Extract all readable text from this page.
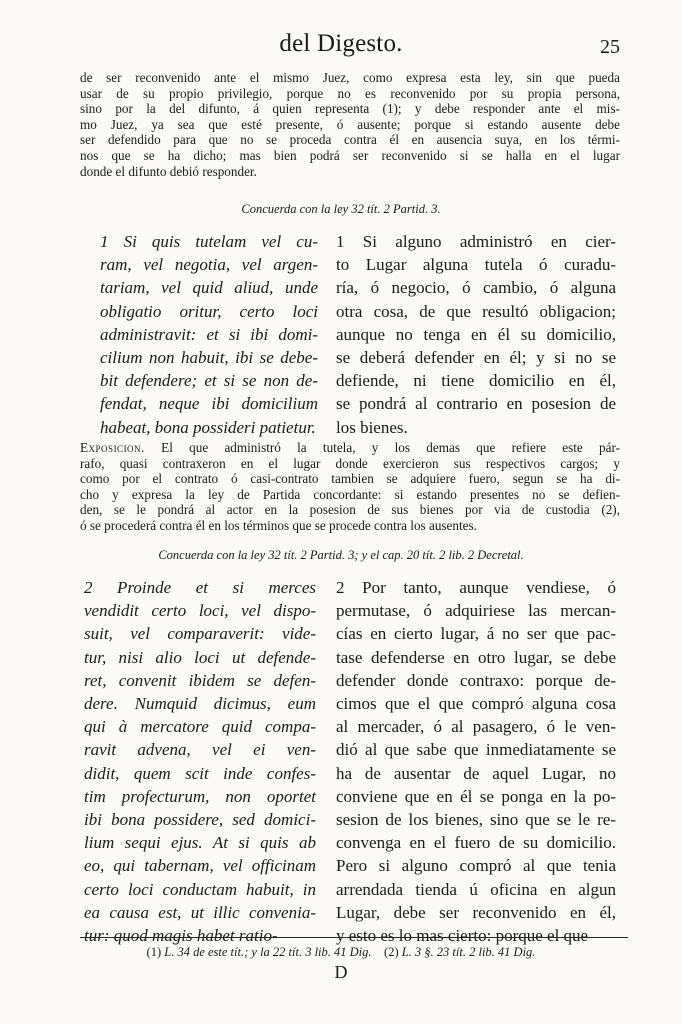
del Digesto.	25
de ser reconvenido ante el mismo Juez, como expresa esta ley, sin que pueda
usar de su propio privilegio, porque no es reconvenido por su propia persona,
sino por la del difunto, á quien representa (1); y debe responder ante el mis-
mo Juez, ya sea que esté presente, ó ausente; porque si estando ausente debe
ser defendido para que no se proceda contra él en ausencia suya, en los térmi-
nos que se ha dicho; mas bien podrá ser reconvenido si se halla en el lugar
donde el difunto debió responder.
Concuerda con la ley 32 tít. 2 Partid. 3.
1 Si quis tutelam vel cu-
ram, vel negotia, vel argen-
tariam, vel quid aliud, unde
obligatio oritur, certo loci
administravit: et si ibi domi-
cilium non habuit, ibi se debe-
bit defendere; et si se non de-
fendat, neque ibi domicilium
habeat, bona possideri patietur.
1 Si alguno administró en cier-
to Lugar alguna tutela ó curadu-
ría, ó negocio, ó cambio, ó alguna
otra cosa, de que resultó obligacion;
aunque no tenga en él su domicilio,
se deberá defender en él; y si no se
defiende, ni tiene domicilio en él,
se pondrá al contrario en posesion de
los bienes.
Exposicion. El que administró la tutela, y los demas que refiere este pár-
rafo, quasi contraxeron en el lugar donde exercieron sus respectivos cargos; y
como por el contrato ó casi-contrato tambien se adquiere fuero, segun se ha di-
cho y expresa la ley de Partida concordante: si estando presentes no se defien-
den, se le pondrá al actor en la posesion de sus bienes por via de custodia (2),
ó se procederá contra él en los términos que se procede contra los ausentes.
Concuerda con la ley 32 tít. 2 Partid. 3; y el cap. 20 tít. 2 lib. 2 Decretal.
2 Proinde et si merces
vendidit certo loci, vel dispo-
suit, vel comparaverit: vide-
tur, nisi alio loci ut defende-
ret, convenit ibidem se defen-
dere. Numquid dicimus, eum
qui à mercatore quid compa-
ravit advena, vel ei ven-
didit, quem scit inde confes-
tim profecturum, non oportet
ibi bona possidere, sed domici-
lium sequi ejus. At si quis ab
eo, qui tabernam, vel officinam
certo loci conductam habuit, in
ea causa est, ut illic convenia-
tur: quod magis habet ratio-
2 Por tanto, aunque vendiese, ó
permutase, ó adquiriese las mercan-
cías en cierto lugar, á no ser que pac-
tase defenderse en otro lugar, se debe
defender donde contraxo: porque de-
cimos que el que compró alguna cosa
al mercader, ó al pasagero, ó le ven-
dió al que sabe que inmediatamente se
ha de ausentar de aquel Lugar, no
conviene que en él se ponga en la po-
sesion de los bienes, sino que se le re-
convenga en el fuero de su domicilio.
Pero si alguno compró al que tenia
arrendada tienda ú oficina en algun
Lugar, debe ser reconvenido en él,
y esto es lo mas cierto: porque el que
(1) L. 34 de este tít.; y la 22 tít. 3 lib. 41 Dig. (2) L. 3 §. 23 tít. 2 lib. 41 Dig.
D
